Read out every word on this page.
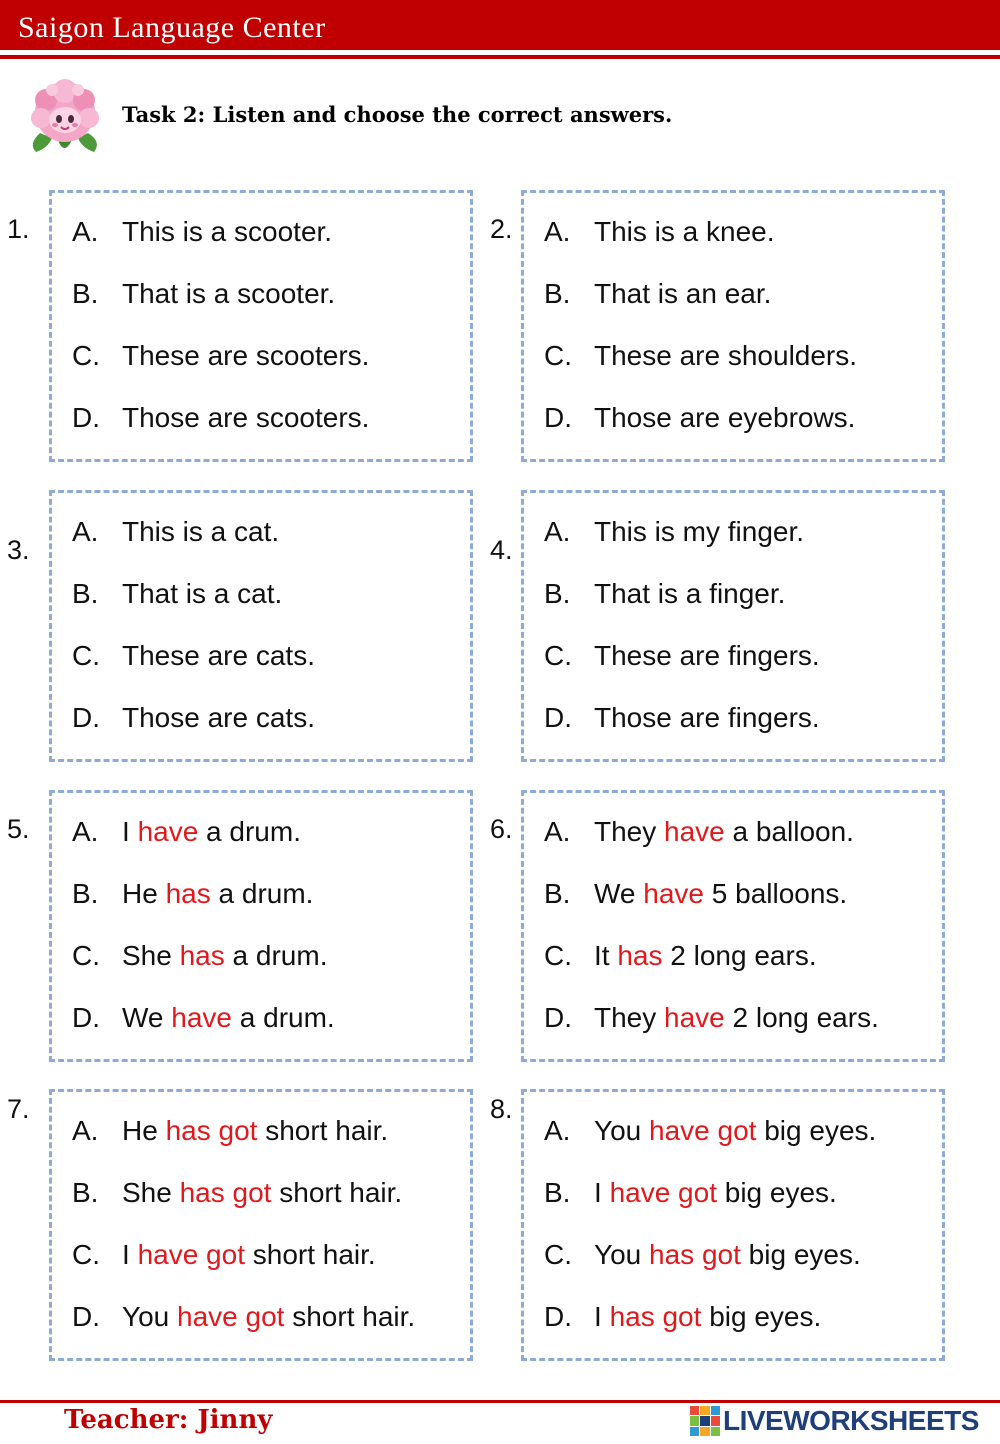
Saigon Language Center
Task 2: Listen and choose the correct answers.
1. A. This is a scooter.
B. That is a scooter.
C. These are scooters.
D. Those are scooters.
2. A. This is a knee.
B. That is an ear.
C. These are shoulders.
D. Those are eyebrows.
3.
A. This is a cat.
B. That is a cat.
C. These are cats.
D. Those are cats.
4.
A. This is my finger.
B. That is a finger.
C. These are fingers.
D. Those are fingers.
5. A. I have a drum.
B. He has a drum.
C. She has a drum.
D. We have a drum.
6. A. They have a balloon.
B. We have 5 balloons.
C. It has 2 long ears.
D. They have 2 long ears.
7.
A. He has got short hair.
B. She has got short hair.
C. I have got short hair.
D. You have got short hair.
8.
A. You have got big eyes.
B. I have got big eyes.
C. You has got big eyes.
D. I has got big eyes.
Teacher: Jinny	LIVEWORKSHEETS
